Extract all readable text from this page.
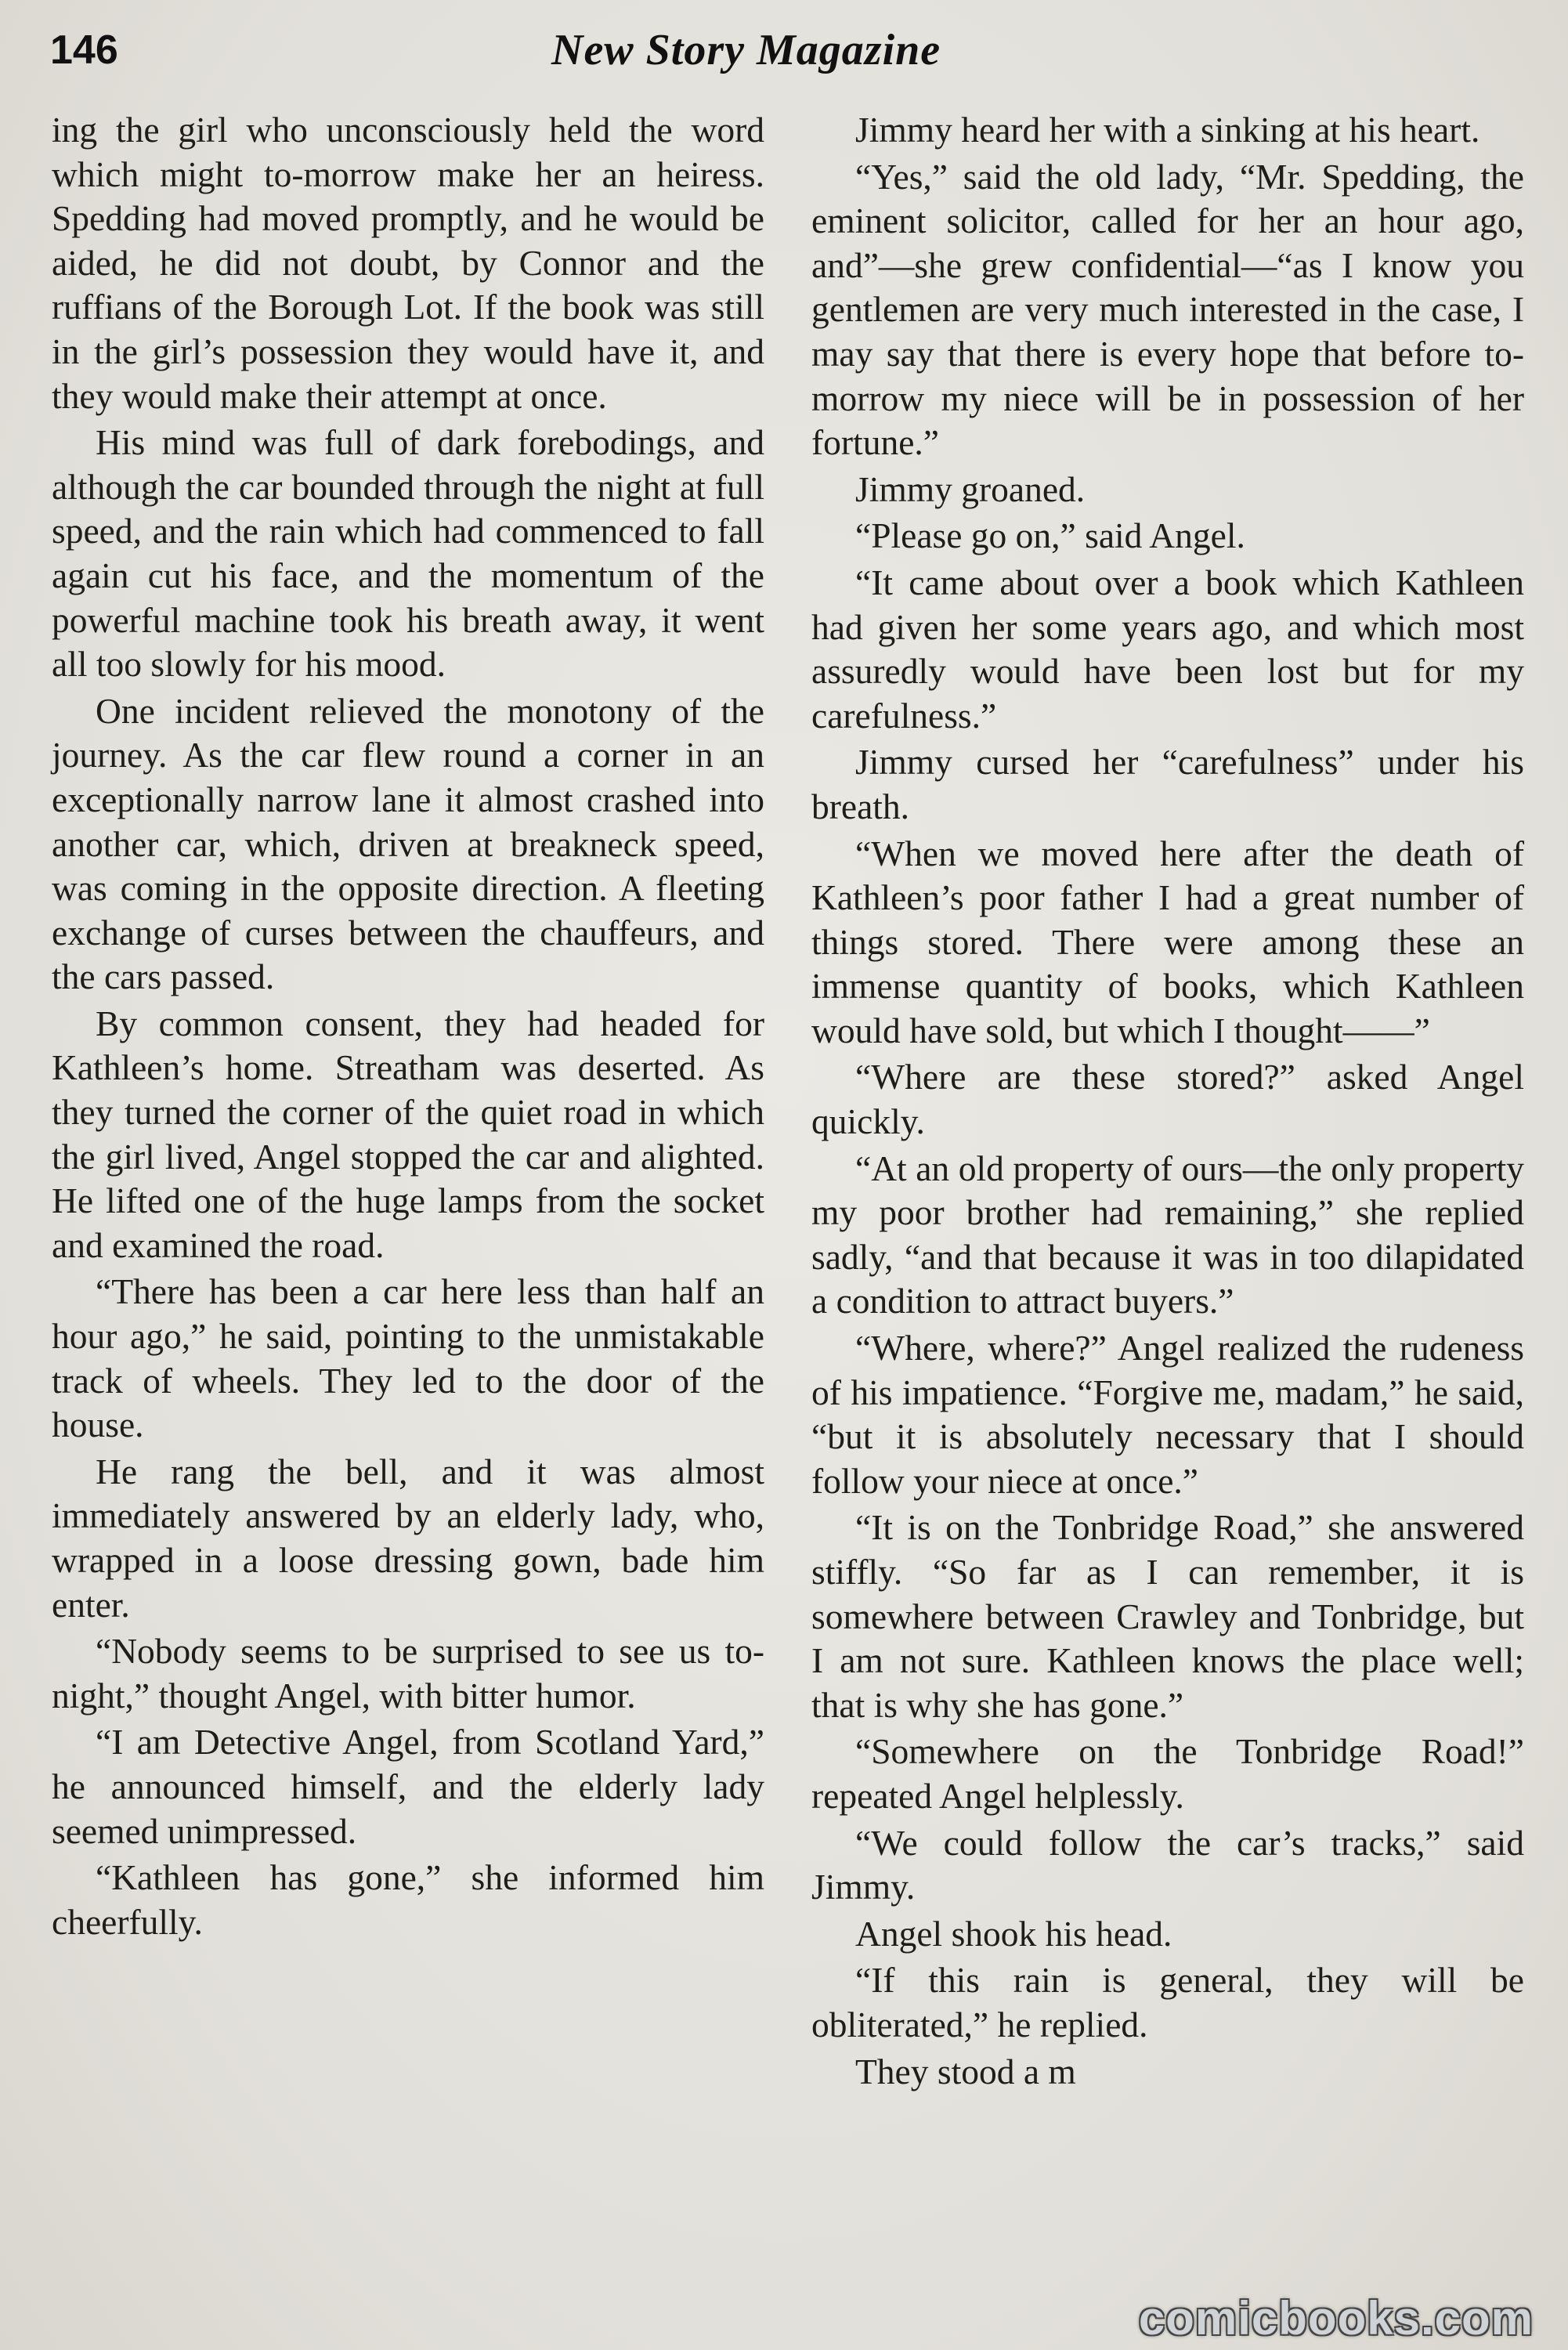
146	New Story Magazine

ing the girl who unconsciously held the word which might to-morrow make her an heiress. Spedding had moved promptly, and he would be aided, he did not doubt, by Connor and the ruffians of the Borough Lot. If the book was still in the girl’s possession they would have it, and they would make their attempt at once.

His mind was full of dark forebodings, and although the car bounded through the night at full speed, and the rain which had commenced to fall again cut his face, and the momentum of the powerful machine took his breath away, it went all too slowly for his mood.

One incident relieved the monotony of the journey. As the car flew round a corner in an exceptionally narrow lane it almost crashed into another car, which, driven at breakneck speed, was coming in the opposite direction. A fleeting exchange of curses between the chauffeurs, and the cars passed.

By common consent, they had headed for Kathleen’s home. Streatham was deserted. As they turned the corner of the quiet road in which the girl lived, Angel stopped the car and alighted. He lifted one of the huge lamps from the socket and examined the road.

“There has been a car here less than half an hour ago,” he said, pointing to the unmistakable track of wheels. They led to the door of the house.

He rang the bell, and it was almost immediately answered by an elderly lady, who, wrapped in a loose dressing gown, bade him enter.

“Nobody seems to be surprised to see us to-night,” thought Angel, with bitter humor.

“I am Detective Angel, from Scotland Yard,” he announced himself, and the elderly lady seemed unimpressed.

“Kathleen has gone,” she informed him cheerfully.

Jimmy heard her with a sinking at his heart.

“Yes,” said the old lady, “Mr. Spedding, the eminent solicitor, called for her an hour ago, and”—she grew confidential—“as I know you gentlemen are very much interested in the case, I may say that there is every hope that before to-morrow my niece will be in possession of her fortune.”

Jimmy groaned.

“Please go on,” said Angel.

“It came about over a book which Kathleen had given her some years ago, and which most assuredly would have been lost but for my carefulness.”

Jimmy cursed her “carefulness” under his breath.

“When we moved here after the death of Kathleen’s poor father I had a great number of things stored. There were among these an immense quantity of books, which Kathleen would have sold, but which I thought——”

“Where are these stored?” asked Angel quickly.

“At an old property of ours—the only property my poor brother had remaining,” she replied sadly, “and that because it was in too dilapidated a condition to attract buyers.”

“Where, where?” Angel realized the rudeness of his impatience. “Forgive me, madam,” he said, “but it is absolutely necessary that I should follow your niece at once.”

“It is on the Tonbridge Road,” she answered stiffly. “So far as I can remember, it is somewhere between Crawley and Tonbridge, but I am not sure. Kathleen knows the place well; that is why she has gone.”

“Somewhere on the Tonbridge Road!” repeated Angel helplessly.

“We could follow the car’s tracks,” said Jimmy.

Angel shook his head.

“If this rain is general, they will be obliterated,” he replied.

They stood a m

comicbooks.com
